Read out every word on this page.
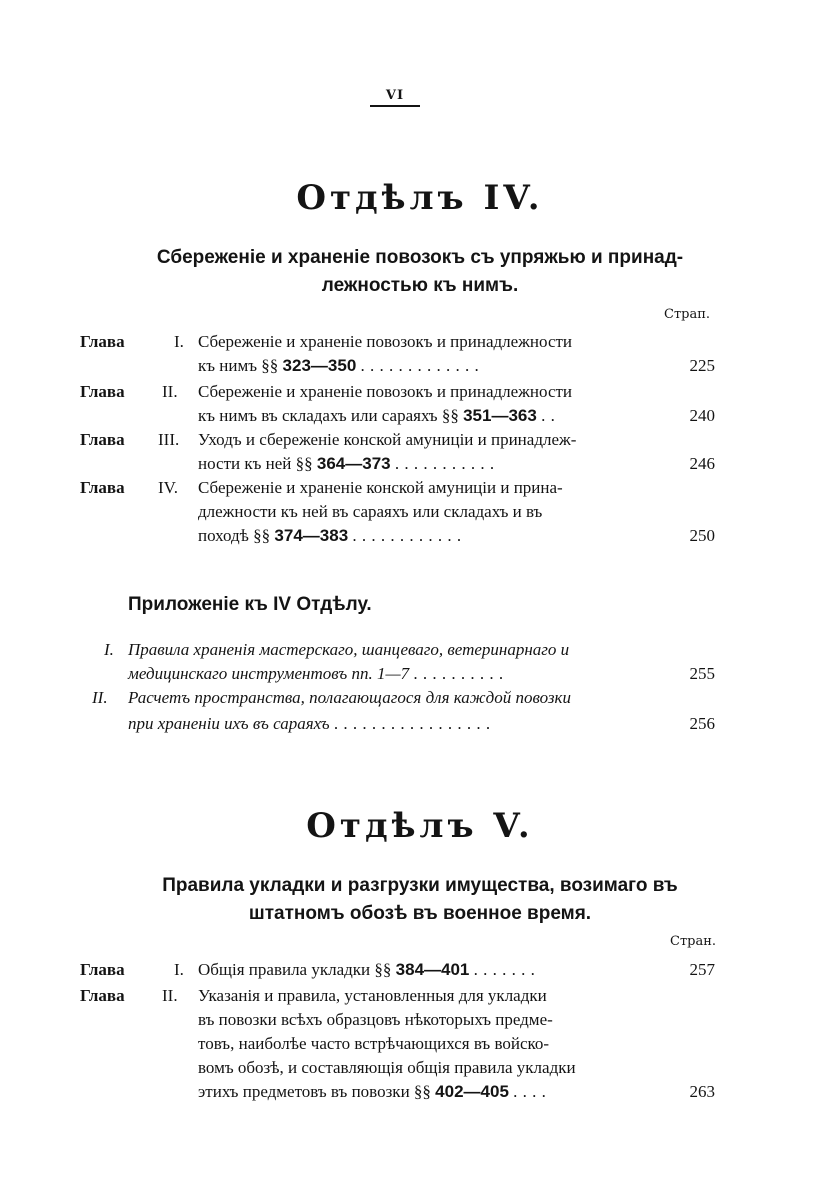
VI
Отдѣлъ IV.
Сбереженіе и храненіе повозокъ съ упряжью и принад-
лежностью къ нимъ.
Страп.
Глава	I. Сбереженіе и храненіе повозокъ и принадлежности
къ нимъ §§ 323—350 . . . . . . . . . . . . .	225
Глава II. Сбереженіе и храненіе повозокъ и принадлежности
къ нимъ въ складахъ или сараяхъ §§ 351—363 . .	240
Глава III. Уходъ и сбереженіе конской амуниціи и принадлеж-
ности къ ней §§ 364—373 . . . . . . . . . . .	246
Глава IV. Сбереженіе и храненіе конской амуниціи и прина-
длежности къ ней въ сараяхъ или складахъ и въ
походѣ §§ 374—383 . . . . . . . . . . . .	250
Приложеніе къ IV Отдѣлу.
I. Правила храненія мастерскаго, шанцеваго, ветеринарнаго и
медицинскаго инструментовъ пп. 1—7 . . . . . . . . . .	255
II. Расчетъ пространства, полагающагося для каждой повозки
при храненіи ихъ въ сараяхъ . . . . . . . . . . . . . . . . .	256
Отдѣлъ V.
Правила укладки и разгрузки имущества, возимаго въ
штатномъ обозѣ въ военное время.
Стран.
Глава	I. Общія правила укладки §§ 384—401 . . . . . . .	257
Глава II. Указанія и правила, установленныя для укладки
въ повозки всѣхъ образцовъ нѣкоторыхъ предме-
товъ, наиболѣе часто встрѣчающихся въ войско-
вомъ обозѣ, и составляющія общія правила укладки
этихъ предметовъ въ повозки §§ 402—405 . . . .	263
